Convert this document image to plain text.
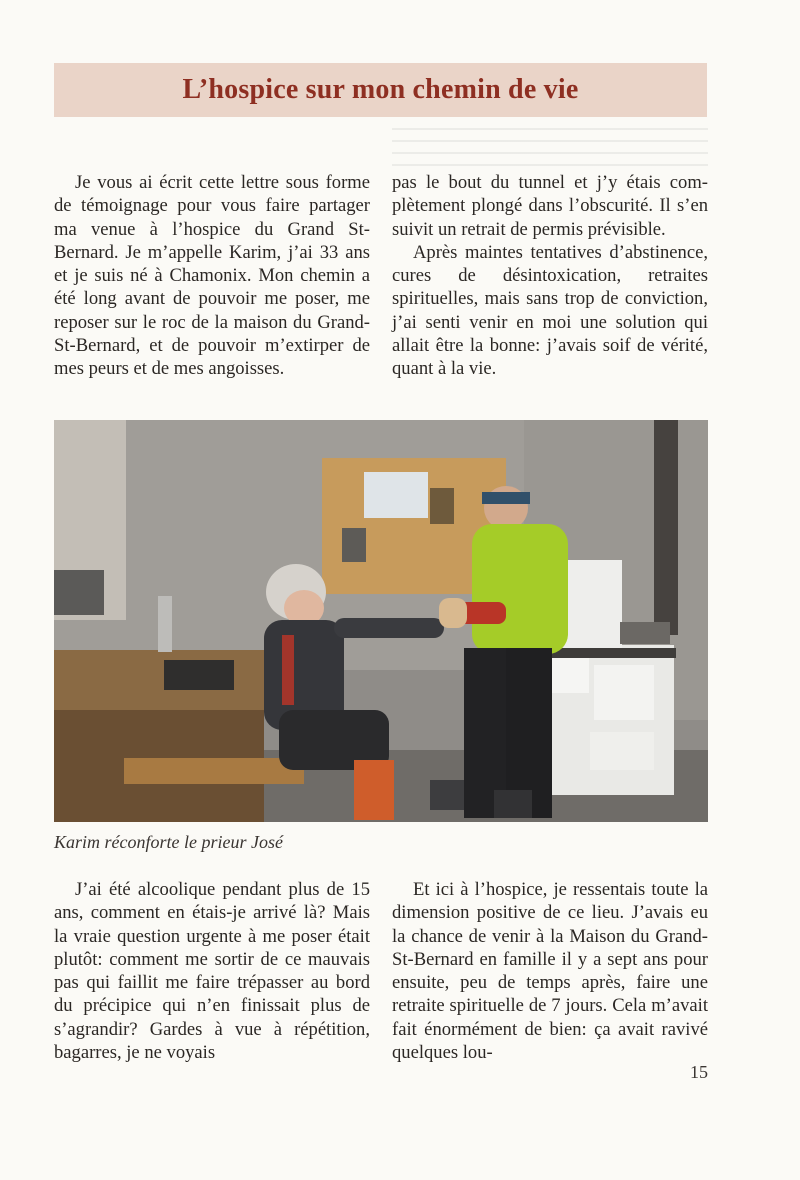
L’hospice sur mon chemin de vie

Je vous ai écrit cette lettre sous forme de témoignage pour vous faire partager ma venue à l’hospice du Grand St-Bernard. Je m’appelle Karim, j’ai 33 ans et je suis né à Chamonix. Mon chemin a été long avant de pouvoir me poser, me reposer sur le roc de la maison du Grand-St-Bernard, et de pouvoir m’extirper de mes peurs et de mes angoisses.

pas le bout du tunnel et j’y étais complètement plongé dans l’obscurité. Il s’en suivit un retrait de permis prévisible.

Après maintes tentatives d’abstinence, cures de désintoxication, retraites spirituelles, mais sans trop de conviction, j’ai senti venir en moi une solution qui allait être la bonne: j’avais soif de vérité, quant à la vie.

Karim réconforte le prieur José

J’ai été alcoolique pendant plus de 15 ans, comment en étais-je arrivé là? Mais la vraie question urgente à me poser était plutôt: comment me sortir de ce mauvais pas qui faillit me faire trépasser au bord du précipice qui n’en finissait plus de s’agrandir? Gardes à vue à répétition, bagarres, je ne voyais

Et ici à l’hospice, je ressentais toute la dimension positive de ce lieu. J’avais eu la chance de venir à la Maison du Grand-St-Bernard en famille il y a sept ans pour ensuite, peu de temps après, faire une retraite spirituelle de 7 jours. Cela m’avait fait énormément de bien: ça avait ravivé quelques lou-

15
